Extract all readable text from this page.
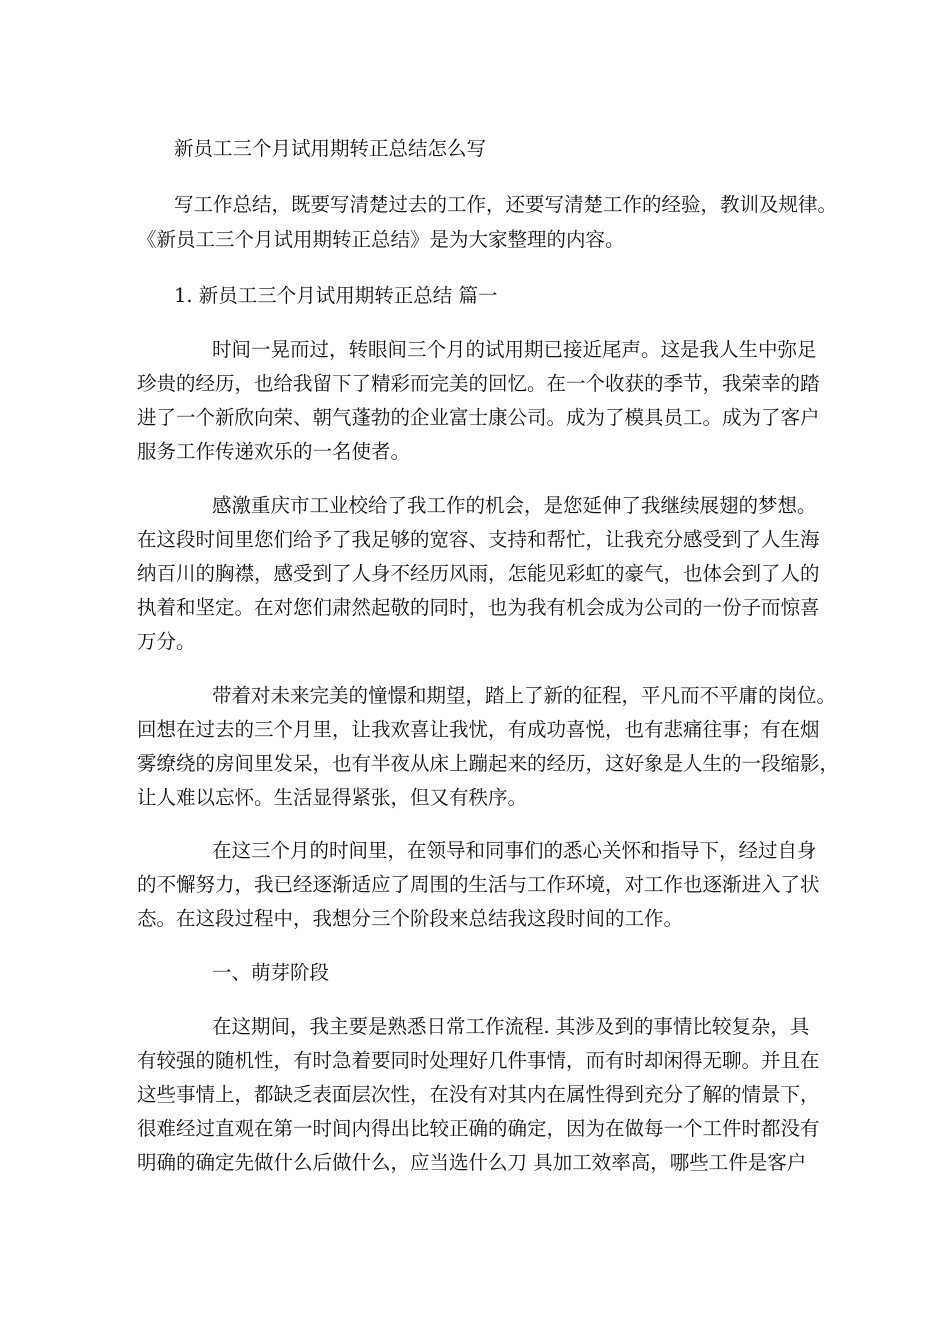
新员工三个月试用期转正总结怎么写

写工作总结，既要写清楚过去的工作，还要写清楚工作的经验，教训及规律。

《新员工三个月试用期转正总结》是为大家整理的内容。

1. 新员工三个月试用期转正总结 篇一

时间一晃而过，转眼间三个月的试用期已接近尾声。这是我人生中弥足

珍贵的经历，也给我留下了精彩而完美的回忆。在一个收获的季节，我荣幸的踏

进了一个新欣向荣、朝气蓬勃的企业富士康公司。成为了模具员工。成为了客户

服务工作传递欢乐的一名使者。

感激重庆市工业校给了我工作的机会，是您延伸了我继续展翅的梦想。

在这段时间里您们给予了我足够的宽容、支持和帮忙，让我充分感受到了人生海

纳百川的胸襟，感受到了人身不经历风雨，怎能见彩虹的豪气，也体会到了人的

执着和坚定。在对您们肃然起敬的同时，也为我有机会成为公司的一份子而惊喜

万分。

带着对未来完美的憧憬和期望，踏上了新的征程，平凡而不平庸的岗位。

回想在过去的三个月里，让我欢喜让我忧，有成功喜悦，也有悲痛往事；有在烟

雾缭绕的房间里发呆，也有半夜从床上蹦起来的经历，这好象是人生的一段缩影，

让人难以忘怀。生活显得紧张，但又有秩序。

在这三个月的时间里，在领导和同事们的悉心关怀和指导下，经过自身

的不懈努力，我已经逐渐适应了周围的生活与工作环境，对工作也逐渐进入了状

态。在这段过程中，我想分三个阶段来总结我这段时间的工作。

一、萌芽阶段

在这期间，我主要是熟悉日常工作流程. 其涉及到的事情比较复杂，具

有较强的随机性，有时急着要同时处理好几件事情，而有时却闲得无聊。并且在

这些事情上，都缺乏表面层次性，在没有对其内在属性得到充分了解的情景下，

很难经过直观在第一时间内得出比较正确的确定，因为在做每一个工件时都没有

明确的确定先做什么后做什么，应当选什么刀 具加工效率高，哪些工件是客户
